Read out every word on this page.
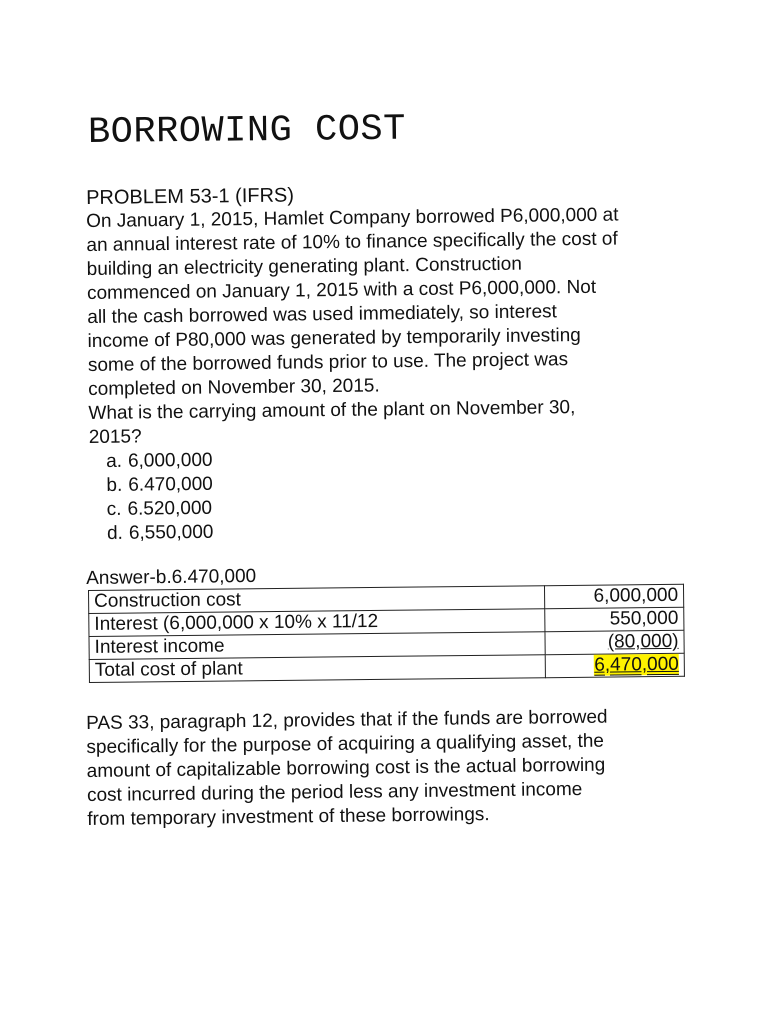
BORROWING COST
PROBLEM 53-1 (IFRS)
On January 1, 2015, Hamlet Company borrowed P6,000,000 at
an annual interest rate of 10% to finance specifically the cost of
building an electricity generating plant. Construction
commenced on January 1, 2015 with a cost P6,000,000. Not
all the cash borrowed was used immediately, so interest
income of P80,000 was generated by temporarily investing
some of the borrowed funds prior to use. The project was
completed on November 30, 2015.
What is the carrying amount of the plant on November 30,
2015?
a. 6,000,000
b. 6.470,000
c. 6.520,000
d. 6,550,000
Answer-b.6.470,000
Construction cost	6,000,000
Interest (6,000,000 x 10% x 11/12	550,000
Interest income	(80,000)
Total cost of plant	6,470,000
PAS 33, paragraph 12, provides that if the funds are borrowed
specifically for the purpose of acquiring a qualifying asset, the
amount of capitalizable borrowing cost is the actual borrowing
cost incurred during the period less any investment income
from temporary investment of these borrowings.
